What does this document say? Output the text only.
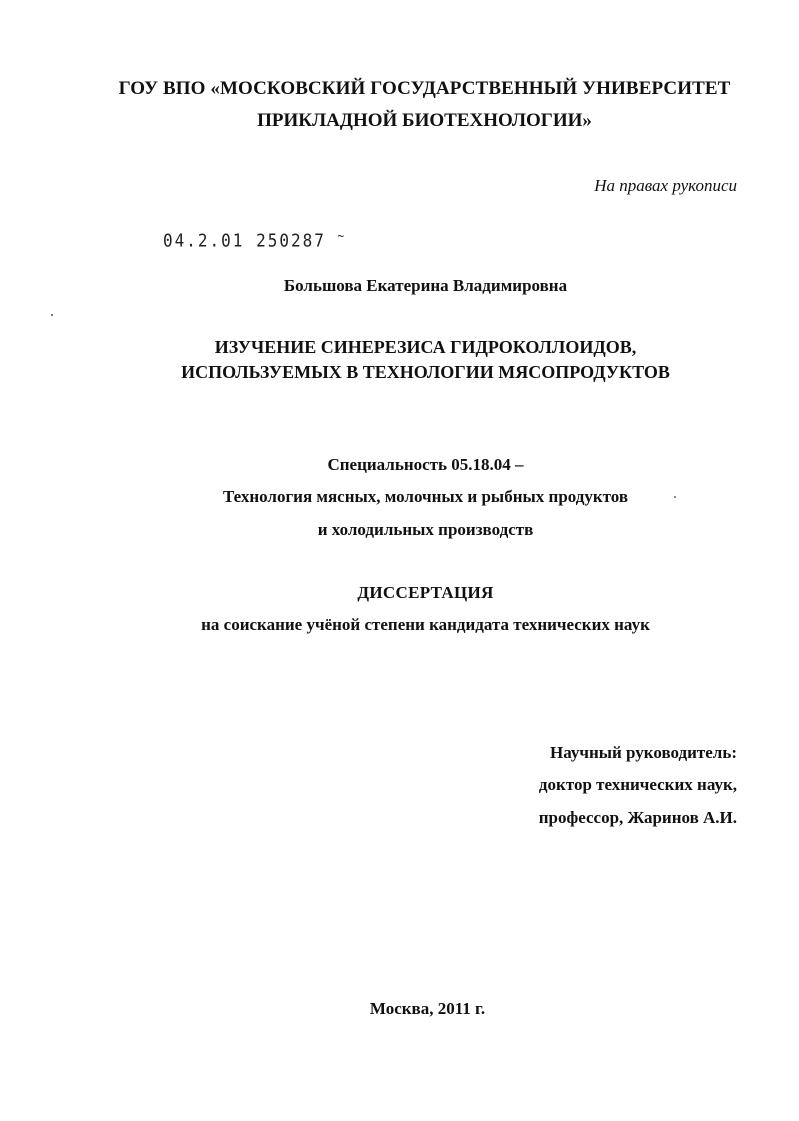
ГОУ ВПО «МОСКОВСКИЙ ГОСУДАРСТВЕННЫЙ УНИВЕРСИТЕТ
ПРИКЛАДНОЙ БИОТЕХНОЛОГИИ»
На правах рукописи
04.2.01 250287 ~
Большова Екатерина Владимировна
ИЗУЧЕНИЕ СИНЕРЕЗИСА ГИДРОКОЛЛОИДОВ,
ИСПОЛЬЗУЕМЫХ В ТЕХНОЛОГИИ МЯСОПРОДУКТОВ
Специальность 05.18.04 –
Технология мясных, молочных и рыбных продуктов
и холодильных производств
ДИССЕРТАЦИЯ
на соискание учёной степени кандидата технических наук
Научный руководитель:
доктор технических наук,
профессор, Жаринов А.И.
Москва, 2011 г.
